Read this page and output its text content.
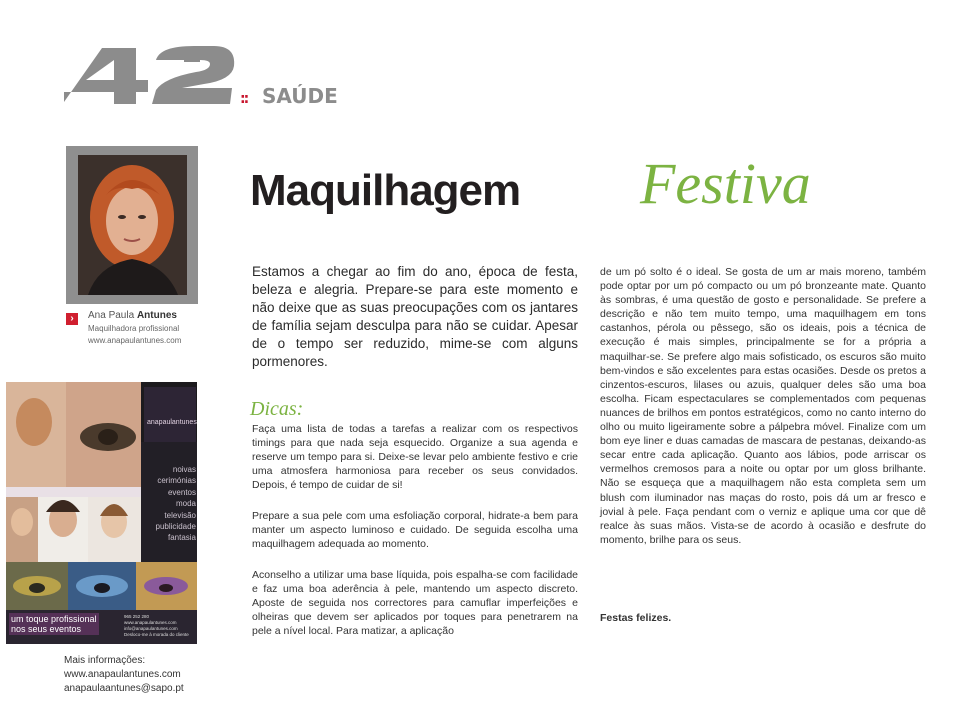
:: SAÚDE
›	Ana Paula Antunes
Maquilhadora profissional
www.anapaulantunes.com
anapaulantunes
noivas
cerimónias
eventos
moda
televisão
publicidade
fantasia
um toque profissional
nos seus eventos
965 252 280
www.anapaulantunes.com
info@anapaulantunes.com
Desloco-me à morada do cliente
Mais informações:
www.anapaulantunes.com
anapaulaantunes@sapo.pt
Maquilhagem Festiva
Estamos a chegar ao fim do ano, época de festa, beleza e alegria. Prepare-se para este momento e não deixe que as suas preocupações com os jantares de família sejam desculpa para não se cuidar. Apesar de o tempo ser reduzido, mime-se com alguns pormenores.
Dicas:

Faça uma lista de todas a tarefas a realizar com os respectivos timings para que nada seja esquecido. Organize a sua agenda e reserve um tempo para si. Deixe-se levar pelo ambiente festivo e crie uma atmosfera harmoniosa para receber os seus convidados. Depois, é tempo de cuidar de si!

Prepare a sua pele com uma esfoliação corporal, hidrate-a bem para manter um aspecto luminoso e cuidado. De seguida escolha uma maquilhagem adequada ao momento.

Aconselho a utilizar uma base líquida, pois espalha-se com facilidade e faz uma boa aderência à pele, mantendo um aspecto discreto. Aposte de seguida nos correctores para camuflar imperfeições e olheiras que devem ser aplicados por toques para penetrarem na pele a nível local. Para matizar, a aplicação

de um pó solto é o ideal. Se gosta de um ar mais moreno, também pode optar por um pó compacto ou um pó bronzeante mate. Quanto às sombras, é uma questão de gosto e personalidade. Se prefere a descrição e não tem muito tempo, uma maquilhagem em tons castanhos, pérola ou pêssego, são os ideais, pois a técnica de execução é mais simples, principalmente se for a própria a maquilhar-se. Se prefere algo mais sofisticado, os escuros são muito bem-vindos e são excelentes para estas ocasiões. Desde os pretos a cinzentos-escuros, lilases ou azuis, qualquer deles são uma boa escolha. Ficam espectaculares se complementados com pequenas nuances de brilhos em pontos estratégicos, como no canto interno do olho ou muito ligeiramente sobre a pálpebra móvel. Finalize com um bom eye liner e duas camadas de mascara de pestanas, deixando-as secar entre cada aplicação. Quanto aos lábios, pode arriscar os vermelhos cremosos para a noite ou optar por um gloss brilhante. Não se esqueça que a maquilhagem não esta completa sem um blush com iluminador nas maças do rosto, pois dá um ar fresco e jovial à pele. Faça pendant com o verniz e aplique uma cor que dê realce às suas mãos. Vista-se de acordo à ocasião e desfrute do momento, brilhe para os seus.

Festas felizes.
